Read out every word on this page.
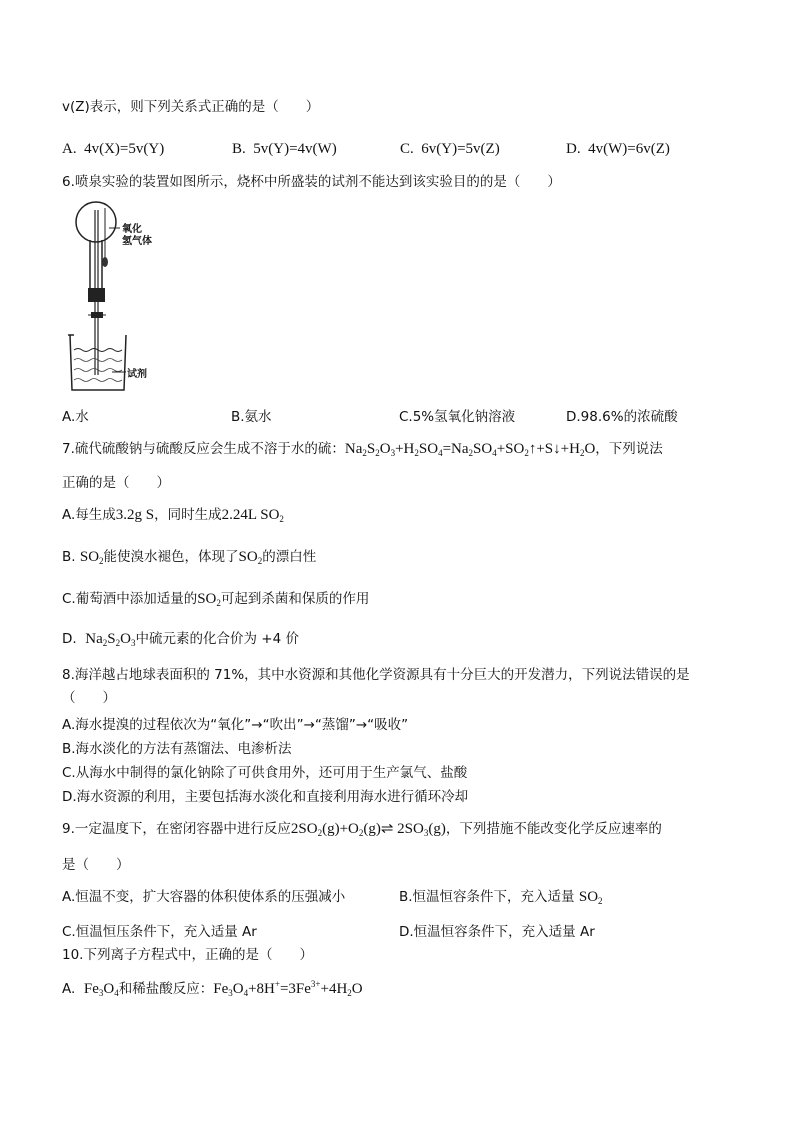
v(Z)表示，则下列关系式正确的是（　　）
A. 4v(X)=5v(Y)	B. 5v(Y)=4v(W)	C. 6v(Y)=5v(Z)	D. 4v(W)=6v(Z)
6.喷泉实验的装置如图所示，烧杯中所盛装的试剂不能达到该实验目的的是（　　）
氧化
氢气体
试剂
A.水	B.氨水	C.5%氢氧化钠溶液	D.98.6%的浓硫酸
7.硫代硫酸钠与硫酸反应会生成不溶于水的硫：$Na_2S_2O_3+H_2SO_4=Na_2SO_4+SO_2↑+S↓+H_2O$，下列说法
正确的是（　　）
A.每生成3.2g S，同时生成2.24L $SO_2$
B. $SO_2$能使溴水褪色，体现了$SO_2$的漂白性
C.葡萄酒中添加适量的$SO_2$可起到杀菌和保质的作用
D. $Na_2S_2O_3$中硫元素的化合价为 +4 价
8.海洋越占地球表面积的 71%，其中水资源和其他化学资源具有十分巨大的开发潜力，下列说法错误的是
（　　）
A.海水提溴的过程依次为“氧化”→“吹出”→“蒸馏”→“吸收”
B.海水淡化的方法有蒸馏法、电渗析法
C.从海水中制得的氯化钠除了可供食用外，还可用于生产氯气、盐酸
D.海水资源的利用，主要包括海水淡化和直接利用海水进行循环冷却
9.一定温度下，在密闭容器中进行反应$2SO_2(g)+O_2(g)\rightleftharpoons$ $2SO_3(g)$，下列措施不能改变化学反应速率的
是（　　）
A.恒温不变，扩大容器的体积使体系的压强减小	B.恒温恒容条件下，充入适量 $SO_2$
C.恒温恒压条件下，充入适量 Ar	D.恒温恒容条件下，充入适量 Ar
10.下列离子方程式中，正确的是（　　）
A. $Fe_3O_4$和稀盐酸反应：$Fe_3O_4+8H^+=3Fe^{3+}+4H_2O$
